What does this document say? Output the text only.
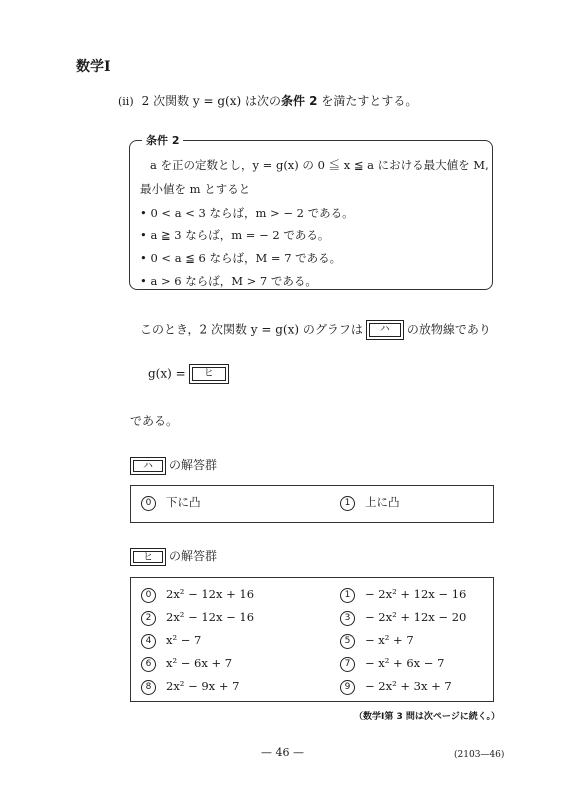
数学Ⅰ
(ii) 2 次関数 y = g(x) は次の条件 2 を満たすとする。
条件 2
a を正の定数とし，y = g(x) の 0 ≦ x ≦ a における最大値を M,
最小値を m とすると
• 0 < a < 3 ならば，m > − 2 である。
• a ≧ 3 ならば，m = − 2 である。
• 0 < a ≦ 6 ならば，M = 7 である。
• a > 6 ならば，M > 7 である。
このとき，2 次関数 y = g(x) のグラフは	ハ	の放物線であり
g(x) =	ヒ
である。
ハ	の解答群
0 下に凸	1 上に凸
ヒ	の解答群
0 2x² − 12x + 16	1 − 2x² + 12x − 16
2 2x² − 12x − 16	3 − 2x² + 12x − 20
4 x² − 7	5 − x² + 7
6 x² − 6x + 7	7 − x² + 6x − 7
8 2x² − 9x + 7	9 − 2x² + 3x + 7
（数学Ⅰ第 3 問は次ページに続く。）
— 46 —	(2103—46)
